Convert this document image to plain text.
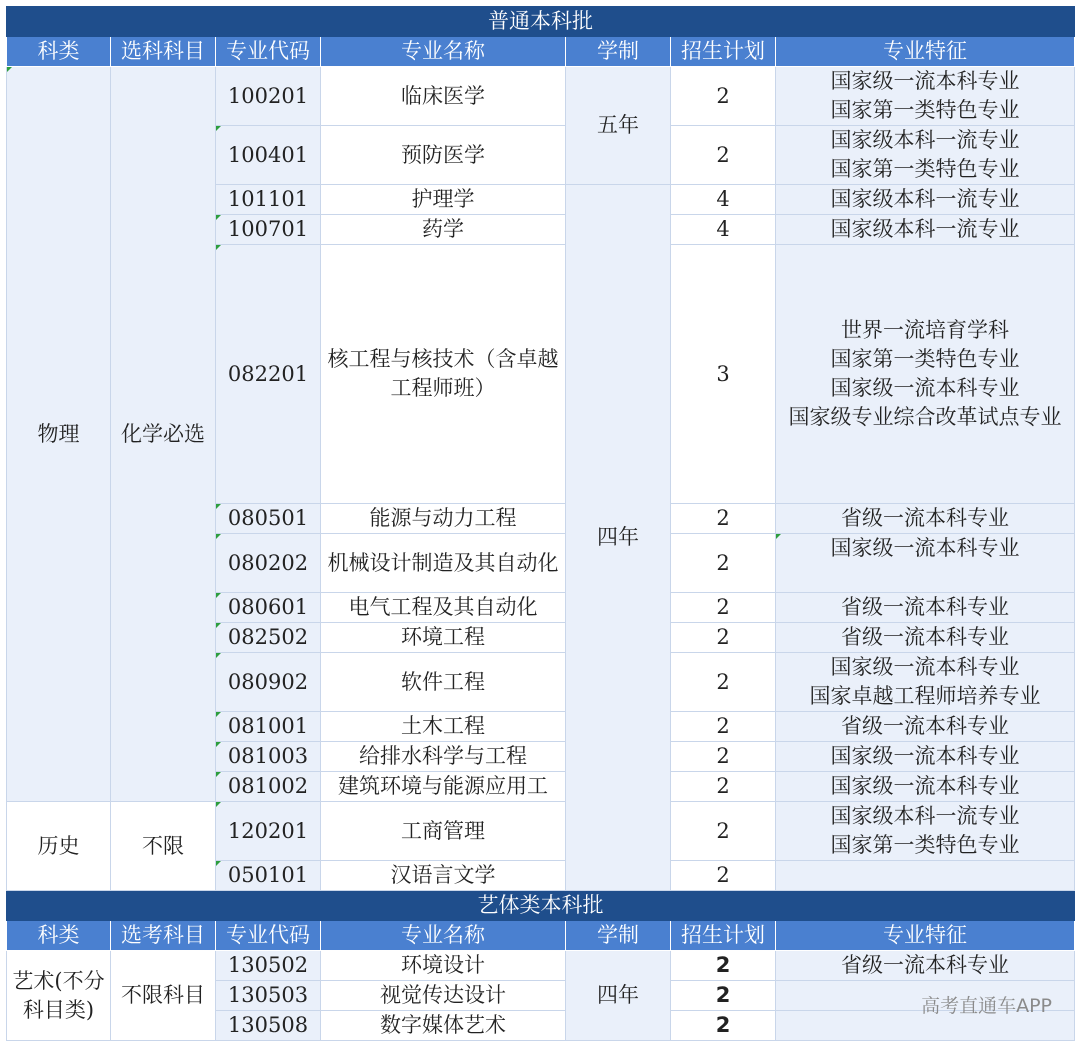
普通本科批						
科类	选科科目	专业代码	专业名称	学制	招生计划	专业特征
物理	化学必选	100201	临床医学	五年	2	国家级一流本科专业
国家第一类特色专业

		100401	预防医学		2	国家级本科一流专业
国家第一类特色专业

		101101	护理学	四年	4	国家级本科一流专业
		100701	药学		4	国家级本科一流专业
		082201	核工程与核技术（含卓越工程师班）		3	世界一流培育学科
国家第一类特色专业
国家级一流本科专业
国家级专业综合改革试点专业

		080501	能源与动力工程		2	省级一流本科专业
		080202	机械设计制造及其自动化		2	国家级一流本科专业
		080601	电气工程及其自动化		2	省级一流本科专业
		082502	环境工程		2	省级一流本科专业
		080902	软件工程		2	国家级一流本科专业
国家卓越工程师培养专业

		081001	土木工程		2	省级一流本科专业
		081003	给排水科学与工程		2	国家级一流本科专业
		081002	建筑环境与能源应用工		2	国家级一流本科专业
历史	不限	120201	工商管理		2	国家级本科一流专业
国家第一类特色专业

		050101	汉语言文学		2	
艺体类本科批						
科类	选考科目	专业代码	专业名称	学制	招生计划	专业特征
艺术(不分科目类)	不限科目	130502	环境设计	四年	2	省级一流本科专业
		130503	视觉传达设计		2	
		130508	数字媒体艺术		2	
高考直通车APP
